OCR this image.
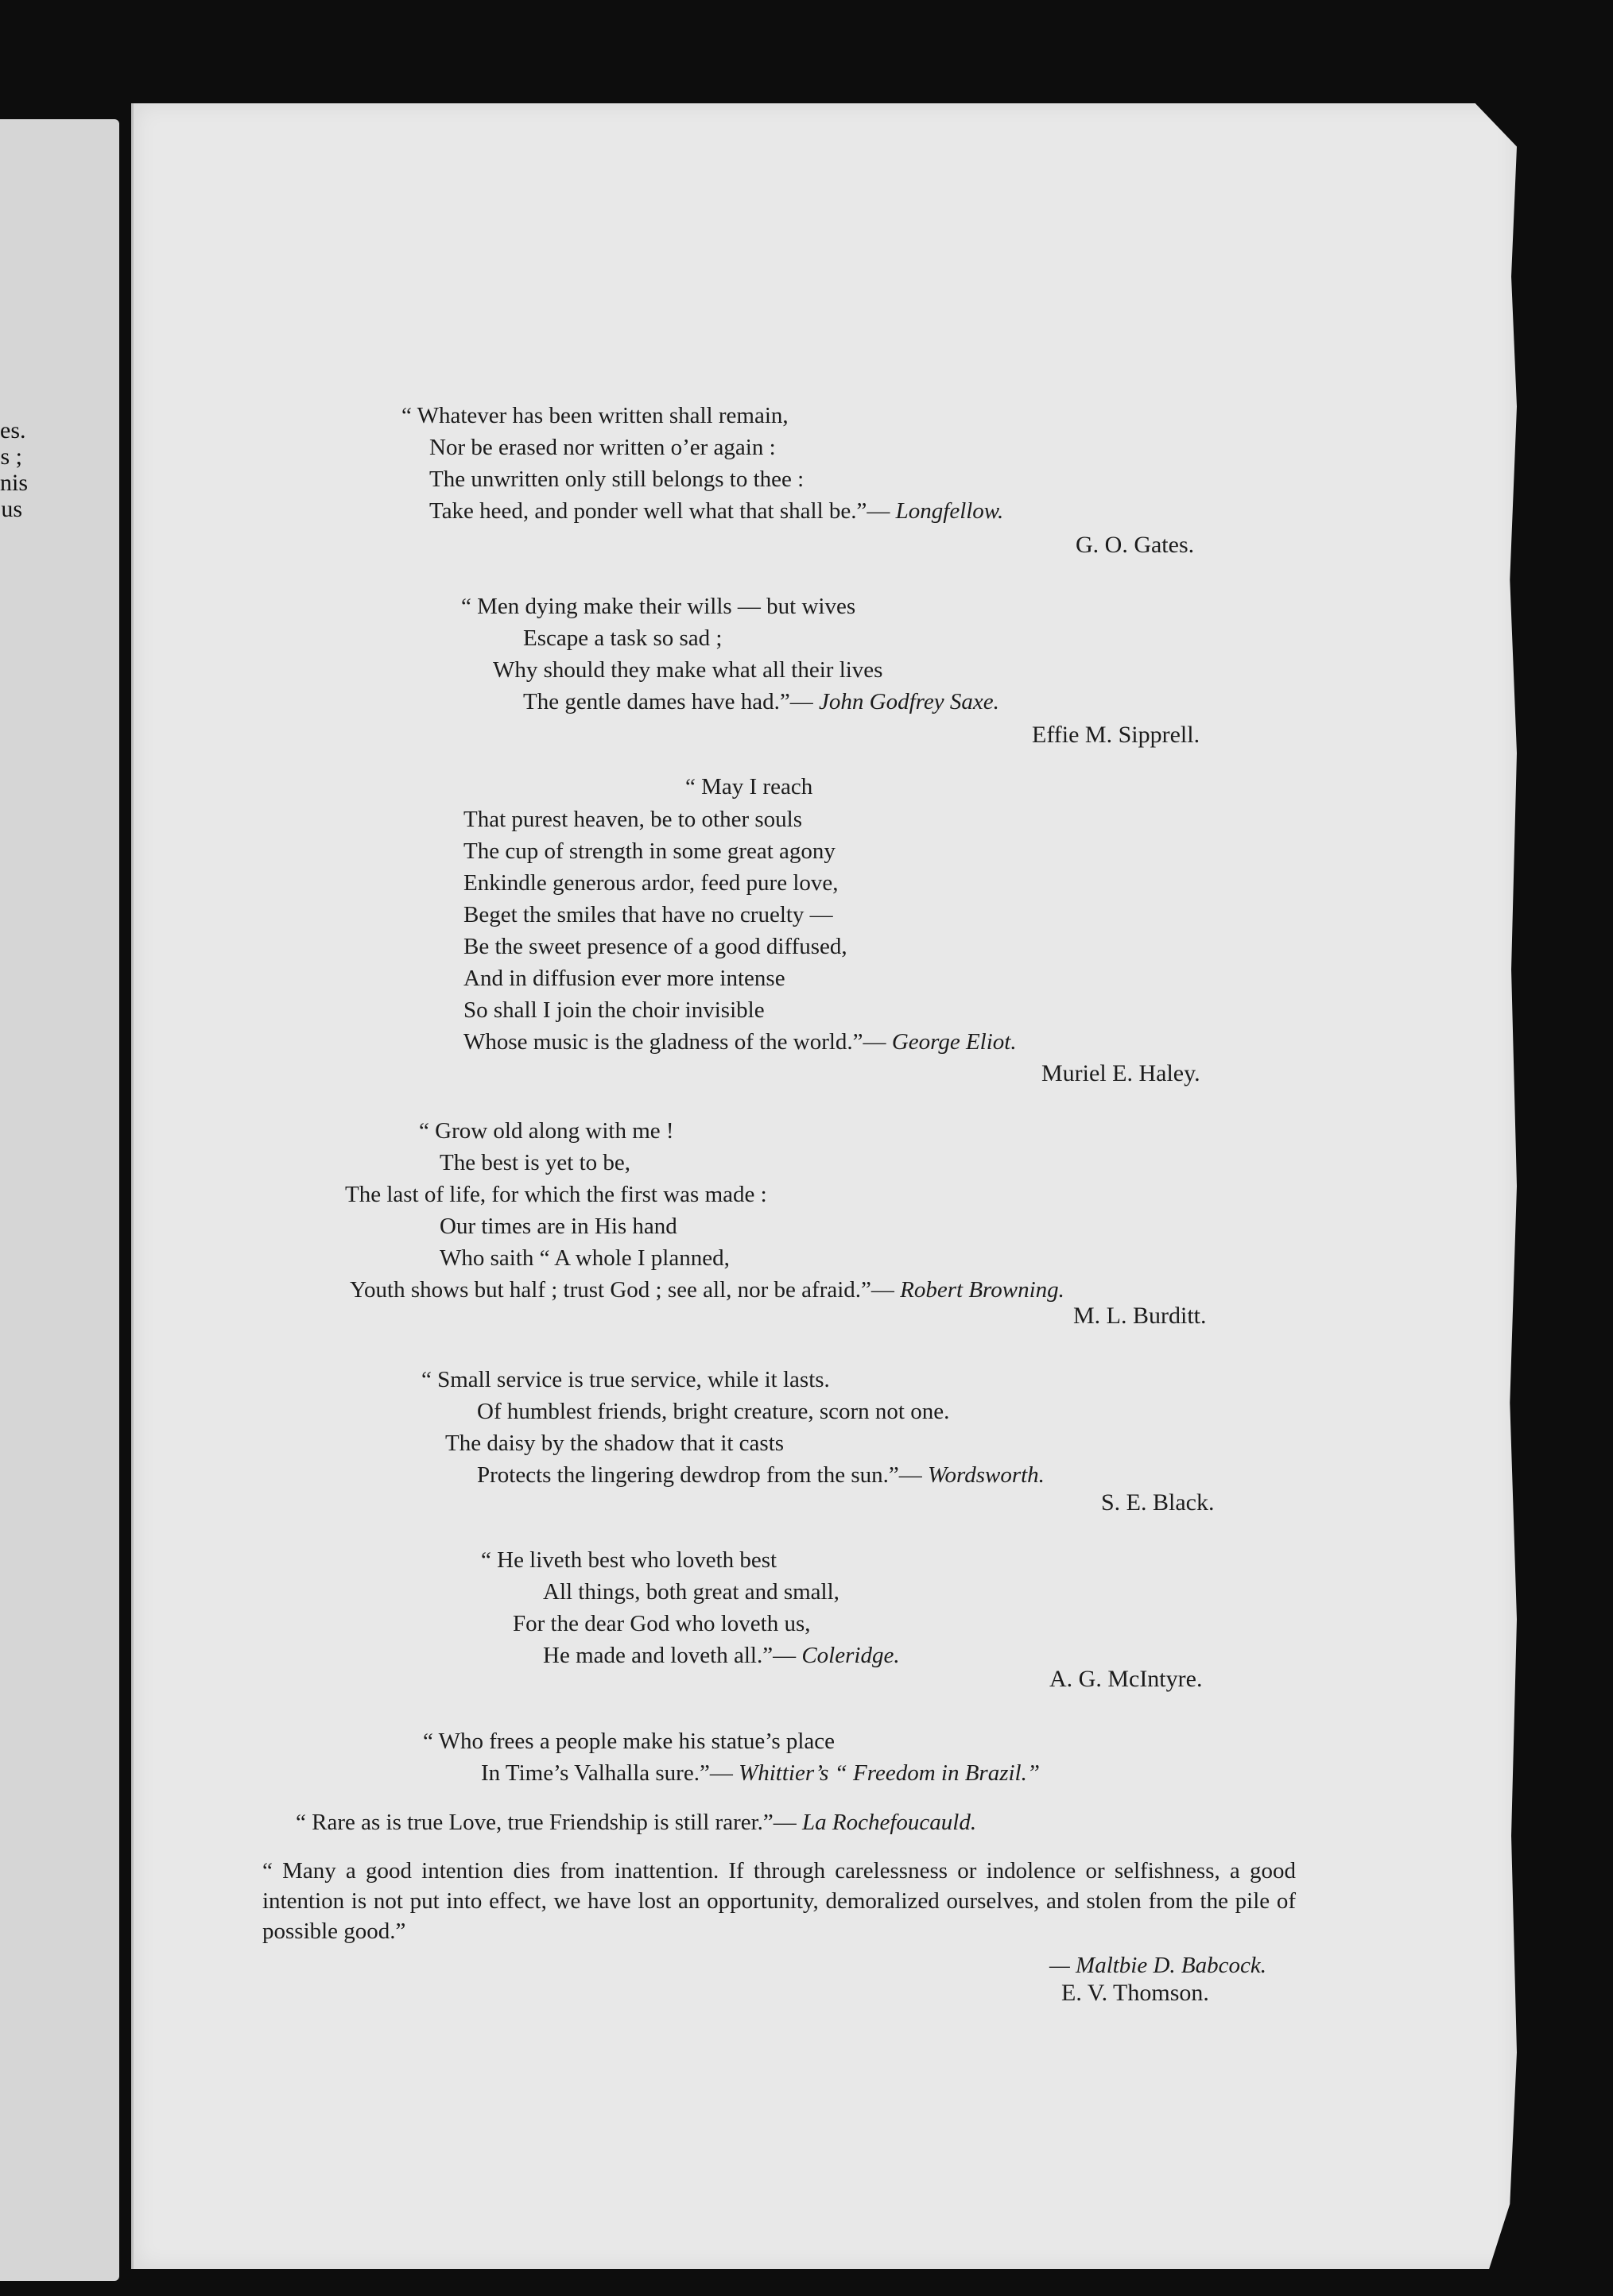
es.
s ;
nis
us
“ Whatever has been written shall remain,
Nor be erased nor written o’er again :
The unwritten only still belongs to thee :
Take heed, and ponder well what that shall be.”— Longfellow.
G. O. Gates.
“ Men dying make their wills — but wives
Escape a task so sad ;
Why should they make what all their lives
The gentle dames have had.”— John Godfrey Saxe.
Effie M. Sipprell.
“ May I reach
That purest heaven, be to other souls
The cup of strength in some great agony
Enkindle generous ardor, feed pure love,
Beget the smiles that have no cruelty —
Be the sweet presence of a good diffused,
And in diffusion ever more intense
So shall I join the choir invisible
Whose music is the gladness of the world.”— George Eliot.
Muriel E. Haley.
“ Grow old along with me !
The best is yet to be,
The last of life, for which the first was made :
Our times are in His hand
Who saith “ A whole I planned,
Youth shows but half ; trust God ; see all, nor be afraid.”— Robert Browning.
M. L. Burditt.
“ Small service is true service, while it lasts.
Of humblest friends, bright creature, scorn not one.
The daisy by the shadow that it casts
Protects the lingering dewdrop from the sun.”— Wordsworth.
S. E. Black.
“ He liveth best who loveth best
All things, both great and small,
For the dear God who loveth us,
He made and loveth all.”— Coleridge.
A. G. McIntyre.
“ Who frees a people make his statue’s place
In Time’s Valhalla sure.”— Whittier’s “ Freedom in Brazil.”
“ Rare as is true Love, true Friendship is still rarer.”— La Rochefoucauld.
“ Many a good intention dies from inattention. If through carelessness or indolence or selfishness, a good intention is not put into effect, we have lost an opportunity, demoralized ourselves, and stolen from the pile of possible good.”
— Maltbie D. Babcock.
E. V. Thomson.
